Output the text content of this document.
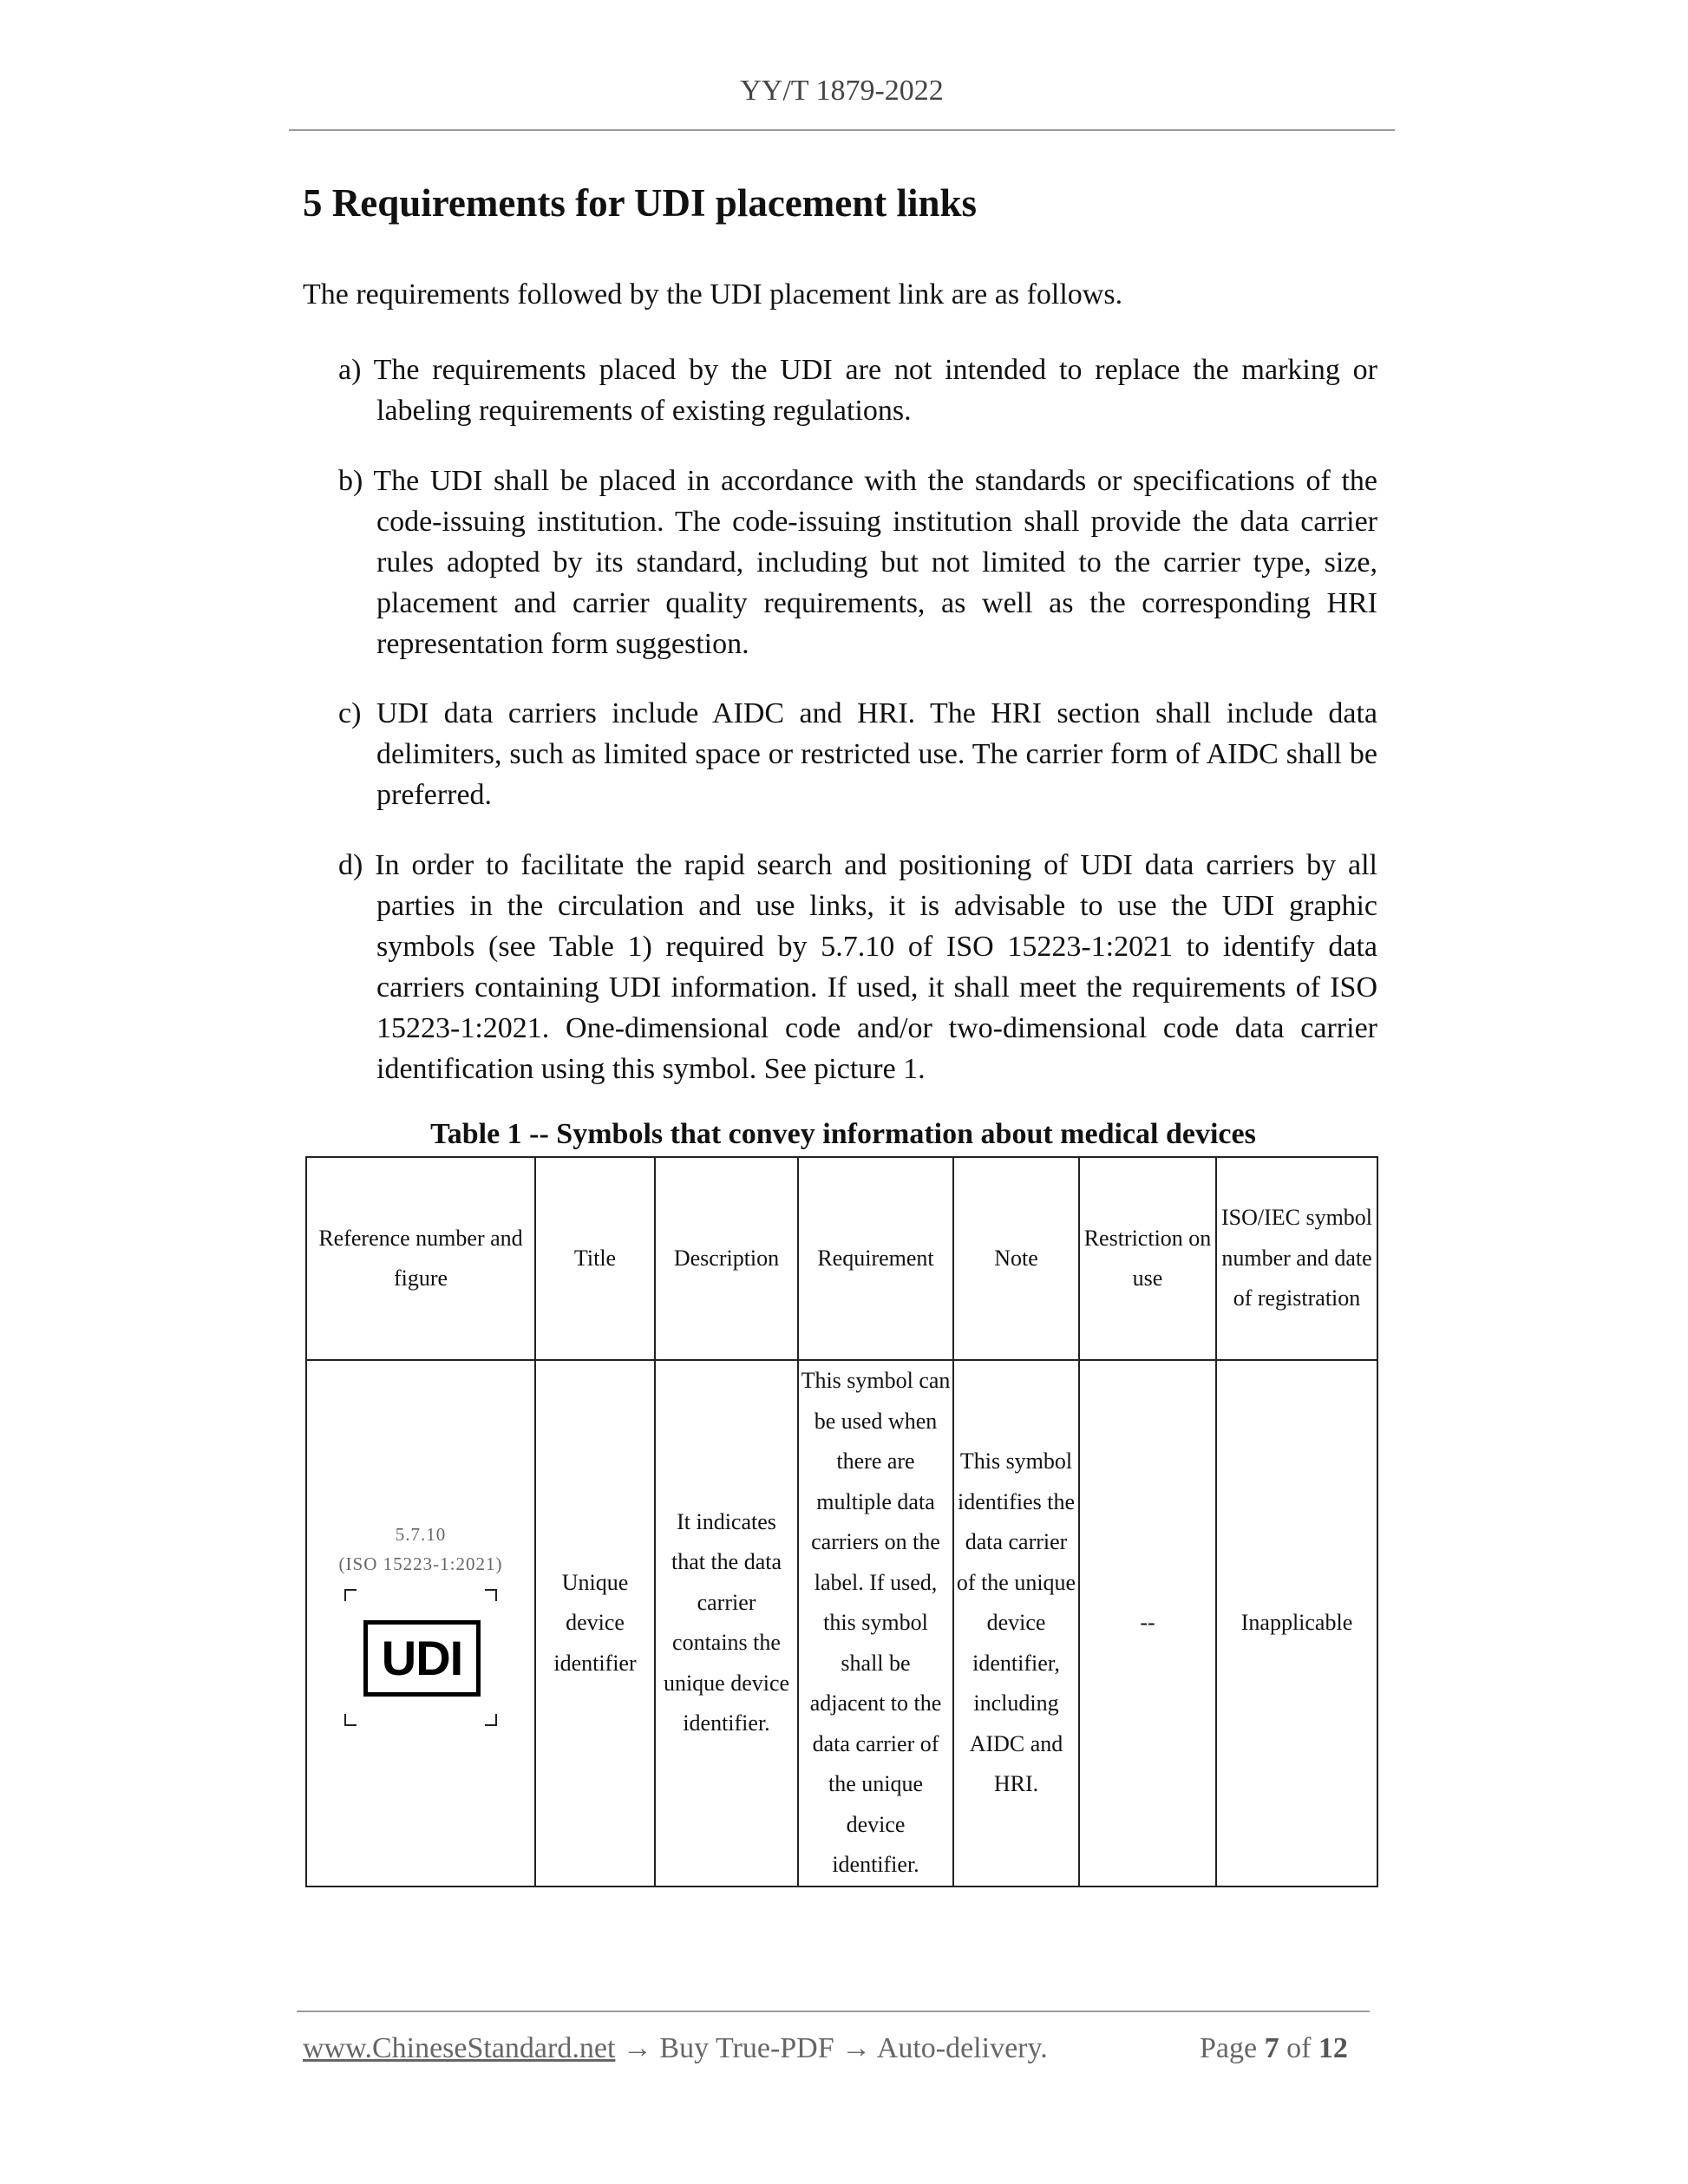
YY/T 1879-2022
5 Requirements for UDI placement links

The requirements followed by the UDI placement link are as follows.

a) The requirements placed by the UDI are not intended to replace the marking or labeling requirements of existing regulations.

b) The UDI shall be placed in accordance with the standards or specifications of the code-issuing institution. The code-issuing institution shall provide the data carrier rules adopted by its standard, including but not limited to the carrier type, size, placement and carrier quality requirements, as well as the corresponding HRI representation form suggestion.

c) UDI data carriers include AIDC and HRI. The HRI section shall include data delimiters, such as limited space or restricted use. The carrier form of AIDC shall be preferred.

d) In order to facilitate the rapid search and positioning of UDI data carriers by all parties in the circulation and use links, it is advisable to use the UDI graphic symbols (see Table 1) required by 5.7.10 of ISO 15223-1:2021 to identify data carriers containing UDI information. If used, it shall meet the requirements of ISO 15223-1:2021. One-dimensional code and/or two-dimensional code data carrier identification using this symbol. See picture 1.

Table 1 -- Symbols that convey information about medical devices
Reference number and figure	Title	Description	Requirement	Note	Restriction on use	ISO/IEC symbol number and date of registration

5.7.10
(ISO 15223-1:2021)
UDI	Unique device identifier	It indicates that the data carrier contains the unique device identifier.	This symbol can be used when there are multiple data carriers on the label. If used, this symbol shall be adjacent to the data carrier of the unique device identifier.	This symbol identifies the data carrier of the unique device identifier, including AIDC and HRI.	--	Inapplicable
www.ChineseStandard.net → Buy True-PDF → Auto-delivery.	Page 7 of 12
